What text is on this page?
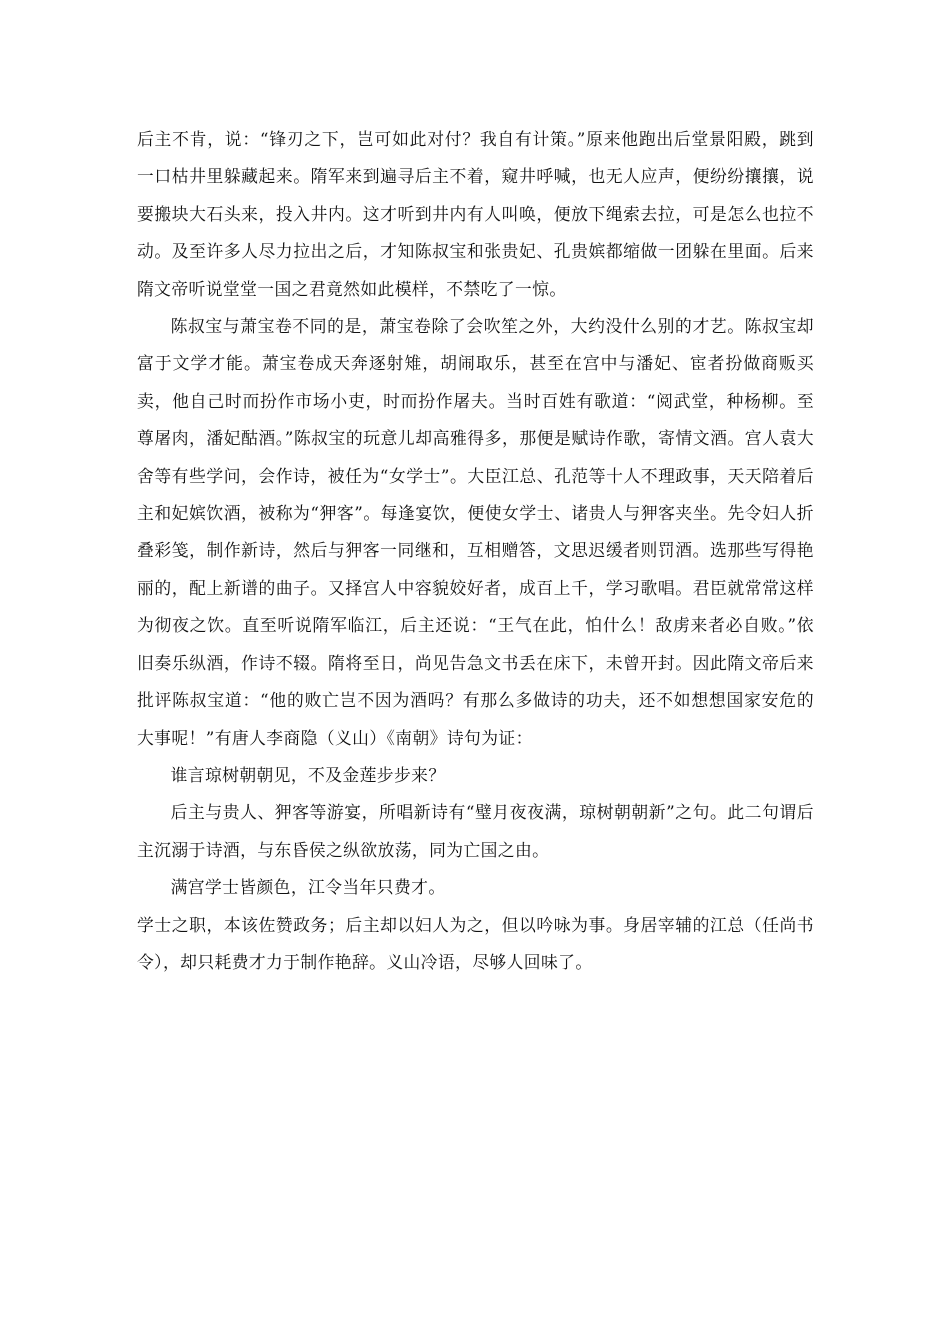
后主不肯，说：“锋刃之下，岂可如此对付？我自有计策。”原来他跑出后堂景阳殿，跳到一口枯井里躲藏起来。隋军来到遍寻后主不着，窥井呼喊，也无人应声，便纷纷攘攘，说要搬块大石头来，投入井内。这才听到井内有人叫唤，便放下绳索去拉，可是怎么也拉不动。及至许多人尽力拉出之后，才知陈叔宝和张贵妃、孔贵嫔都缩做一团躲在里面。后来隋文帝听说堂堂一国之君竟然如此模样，不禁吃了一惊。

陈叔宝与萧宝卷不同的是，萧宝卷除了会吹笙之外，大约没什么别的才艺。陈叔宝却富于文学才能。萧宝卷成天奔逐射雉，胡闹取乐，甚至在宫中与潘妃、宦者扮做商贩买卖，他自己时而扮作市场小吏，时而扮作屠夫。当时百姓有歌道：“阅武堂，种杨柳。至尊屠肉，潘妃酤酒。”陈叔宝的玩意儿却高雅得多，那便是赋诗作歌，寄情文酒。宫人袁大舍等有些学问，会作诗，被任为“女学士”。大臣江总、孔范等十人不理政事，天天陪着后主和妃嫔饮酒，被称为“狎客”。每逢宴饮，便使女学士、诸贵人与狎客夹坐。先令妇人折叠彩笺，制作新诗，然后与狎客一同继和，互相赠答，文思迟缓者则罚酒。选那些写得艳丽的，配上新谱的曲子。又择宫人中容貌姣好者，成百上千，学习歌唱。君臣就常常这样为彻夜之饮。直至听说隋军临江，后主还说：“王气在此，怕什么！敌虏来者必自败。”依旧奏乐纵酒，作诗不辍。隋将至日，尚见告急文书丢在床下，未曾开封。因此隋文帝后来批评陈叔宝道：“他的败亡岂不因为酒吗？有那么多做诗的功夫，还不如想想国家安危的大事呢！”有唐人李商隐（义山）《南朝》诗句为证：

谁言琼树朝朝见，不及金莲步步来？

后主与贵人、狎客等游宴，所唱新诗有“璧月夜夜满，琼树朝朝新”之句。此二句谓后主沉溺于诗酒，与东昏侯之纵欲放荡，同为亡国之由。

满宫学士皆颜色，江令当年只费才。

学士之职，本该佐赞政务；后主却以妇人为之，但以吟咏为事。身居宰辅的江总（任尚书令），却只耗费才力于制作艳辞。义山冷语，尽够人回味了。
